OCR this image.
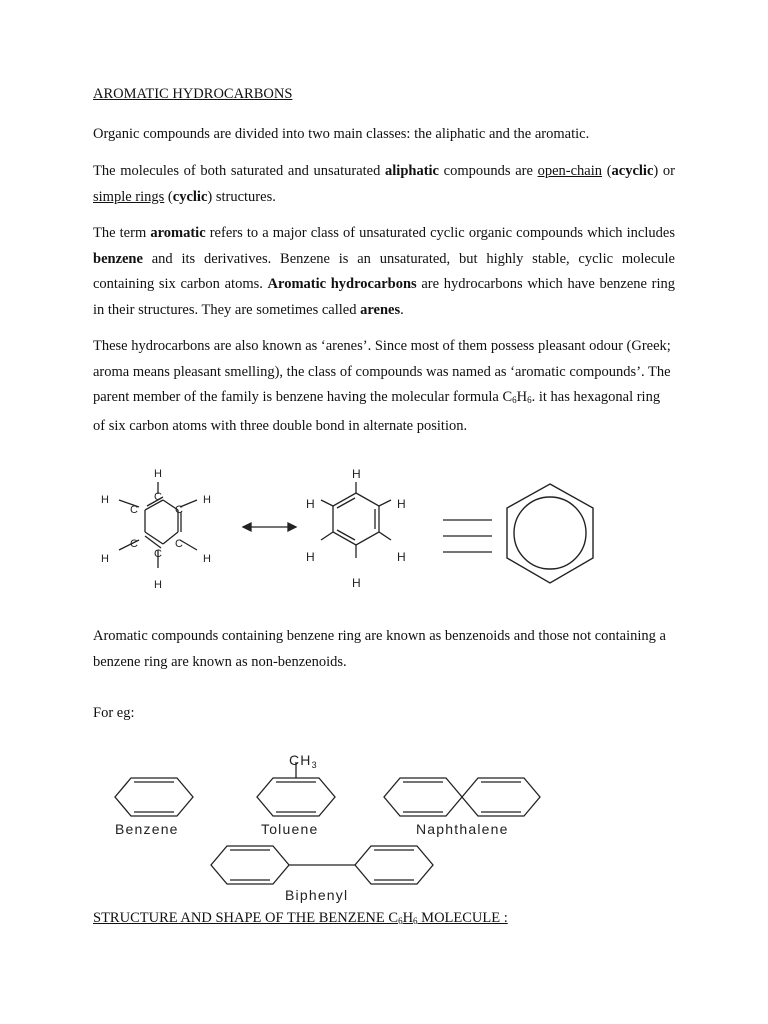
AROMATIC HYDROCARBONS

Organic compounds are divided into two main classes: the aliphatic and the aromatic.

The molecules of both saturated and unsaturated aliphatic compounds are open-chain (acyclic) or simple rings (cyclic) structures.

The term aromatic refers to a major class of unsaturated cyclic organic compounds which includes benzene and its derivatives. Benzene is an unsaturated, but highly stable, cyclic molecule containing six carbon atoms. Aromatic hydrocarbons are hydrocarbons which have benzene ring in their structures. They are sometimes called arenes.

These hydrocarbons are also known as ‘arenes’. Since most of them possess pleasant odour (Greek; aroma means pleasant smelling), the class of compounds was named as ‘aromatic compounds’. The parent member of the family is benzene having the molecular formula $C_6H_6$. it has hexagonal ring of six carbon atoms with three double bond in alternate position.

Aromatic compounds containing benzene ring are known as benzenoids and those not containing a benzene ring are known as non-benzenoids.

For eg:

STRUCTURE AND SHAPE OF THE BENZENE $C_6H_6$ MOLECULE :
H
C	H
C
C
H
C
H
C
H
C
H
H
H
H
H
H
H
$CH_3$
Benzene	Toluene	Naphthalene
Biphenyl
